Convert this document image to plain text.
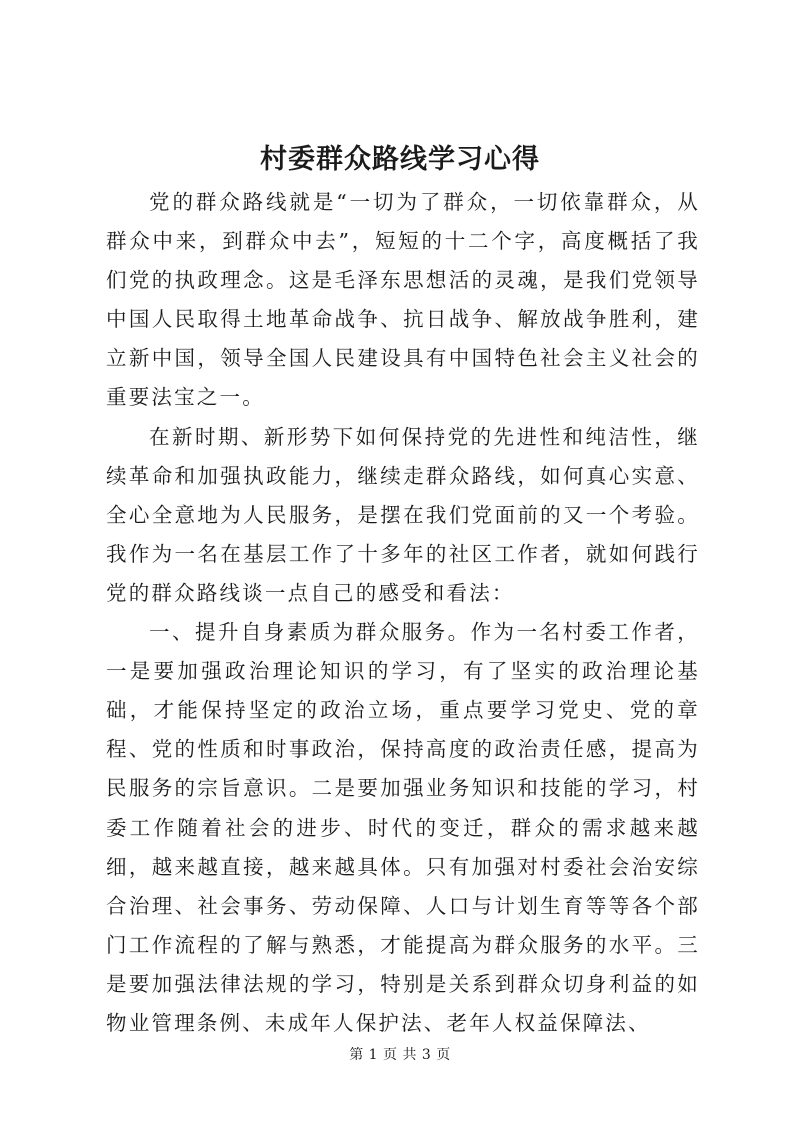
村委群众路线学习心得

党的群众路线就是“一切为了群众，一切依靠群众，从群众中来，到群众中去”，短短的十二个字，高度概括了我们党的执政理念。这是毛泽东思想活的灵魂，是我们党领导中国人民取得土地革命战争、抗日战争、解放战争胜利，建立新中国，领导全国人民建设具有中国特色社会主义社会的重要法宝之一。

在新时期、新形势下如何保持党的先进性和纯洁性，继续革命和加强执政能力，继续走群众路线，如何真心实意、全心全意地为人民服务，是摆在我们党面前的又一个考验。我作为一名在基层工作了十多年的社区工作者，就如何践行党的群众路线谈一点自己的感受和看法：

一、提升自身素质为群众服务。作为一名村委工作者，一是要加强政治理论知识的学习，有了坚实的政治理论基础，才能保持坚定的政治立场，重点要学习党史、党的章程、党的性质和时事政治，保持高度的政治责任感，提高为民服务的宗旨意识。二是要加强业务知识和技能的学习，村委工作随着社会的进步、时代的变迁，群众的需求越来越细，越来越直接，越来越具体。只有加强对村委社会治安综合治理、社会事务、劳动保障、人口与计划生育等等各个部门工作流程的了解与熟悉，才能提高为群众服务的水平。三是要加强法律法规的学习，特别是关系到群众切身利益的如物业管理条例、未成年人保护法、老年人权益保障法、

第 1 页 共 3 页
